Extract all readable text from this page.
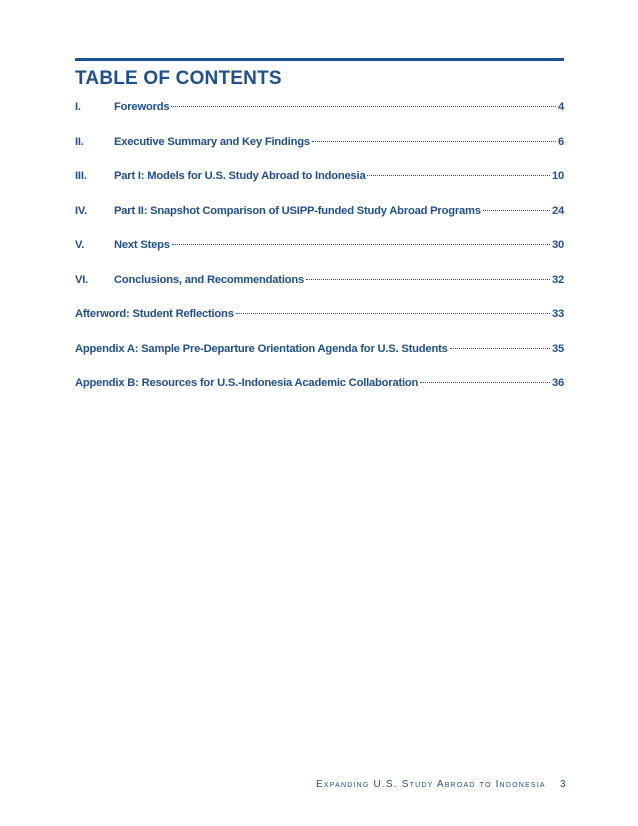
TABLE OF CONTENTS
I.	Forewords	4
II.	Executive Summary and Key Findings	6
III.	Part I: Models for U.S. Study Abroad to Indonesia	10
IV.	Part II: Snapshot Comparison of USIPP-funded Study Abroad Programs	24
V.	Next Steps	30
VI.	Conclusions, and Recommendations	32
Afterword: Student Reflections	33
Appendix A: Sample Pre-Departure Orientation Agenda for U.S. Students	35
Appendix B: Resources for U.S.-Indonesia Academic Collaboration	36
Expanding U.S. Study Abroad to Indonesia 3
